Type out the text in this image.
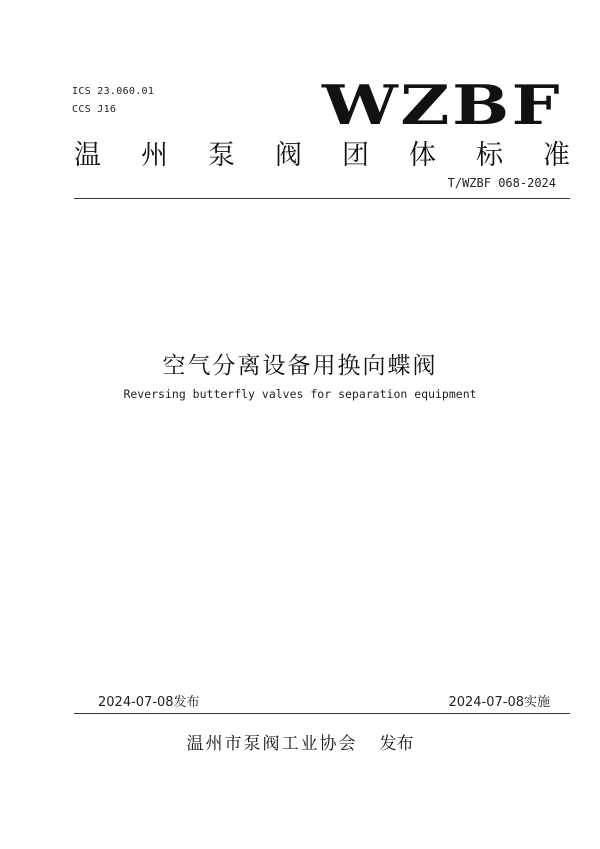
ICS 23.060.01
CCS J16	WZBF
温 州 泵 阀 团 体 标 准
T/WZBF 068-2024
空气分离设备用换向蝶阀
Reversing butterfly valves for separation equipment
2024-07-08发布	2024-07-08实施
温州市泵阀工业协会 发布
